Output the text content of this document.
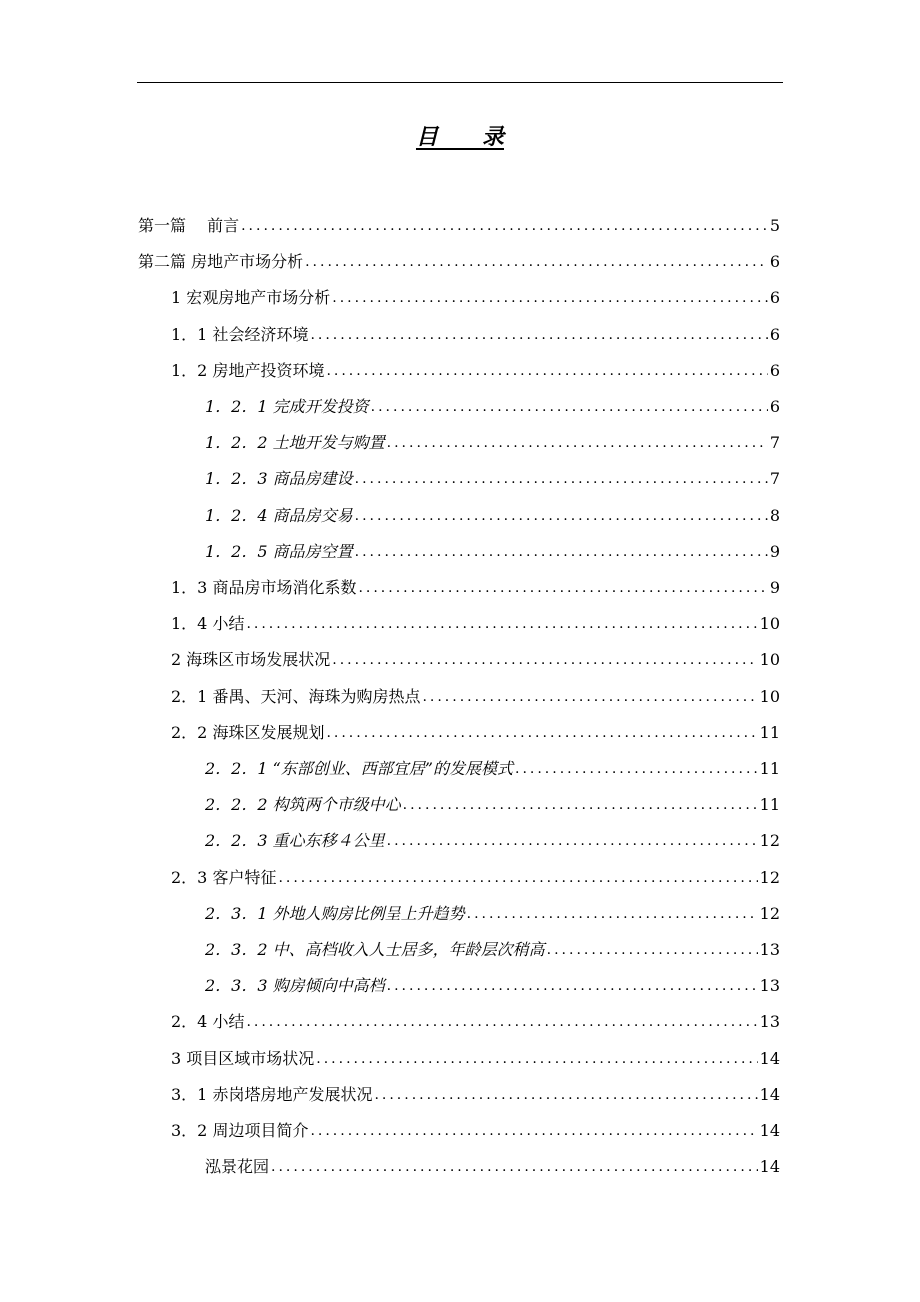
目　　录
第一篇　 前言 .....	5
第二篇 房地产市场分析 .....	6
1 宏观房地产市场分析 .....	6
1．1 社会经济环境 .....	6
1．2 房地产投资环境 .....	6
1．2．1 完成开发投资 .....	6
1．2．2 土地开发与购置 .....	7
1．2．3 商品房建设 .....	7
1．2．4 商品房交易 .....	8
1．2．5 商品房空置 .....	9
1．3 商品房市场消化系数 .....	9
1．4 小结 .....	10
2 海珠区市场发展状况 .....	10
2．1 番禺、天河、海珠为购房热点 .....	10
2．2 海珠区发展规划 .....	11
2．2．1 “东部创业、西部宜居”的发展模式 .....	11
2．2．2 构筑两个市级中心 .....	11
2．2．3 重心东移４公里 .....	12
2．3 客户特征 .....	12
2．3．1 外地人购房比例呈上升趋势 .....	12
2．3．2 中、高档收入人士居多，年龄层次稍高 .....	13
2．3．3 购房倾向中高档 .....	13
2．4 小结 .....	13
3 项目区域市场状况 .....	14
3．1 赤岗塔房地产发展状况 .....	14
3．2 周边项目简介 .....	14
泓景花园 .....	14
